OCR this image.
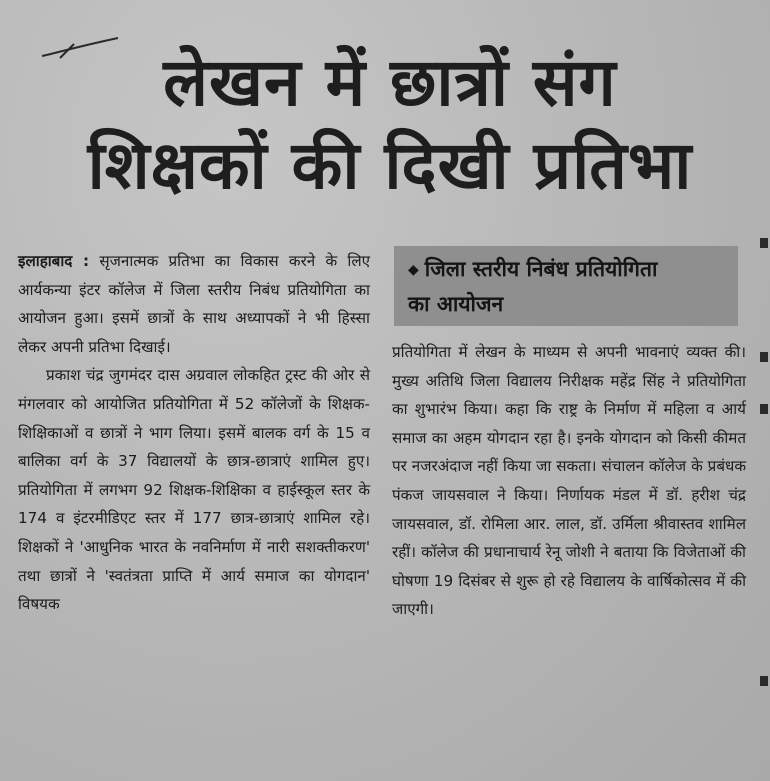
लेखन में छात्रों संग
शिक्षकों की दिखी प्रतिभा

इलाहाबाद : सृजनात्मक प्रतिभा का विकास करने के लिए आर्यकन्या इंटर कॉलेज में जिला स्तरीय निबंध प्रतियोगिता का आयोजन हुआ। इसमें छात्रों के साथ अध्यापकों ने भी हिस्सा लेकर अपनी प्रतिभा दिखाई।

प्रकाश चंद्र जुगमंदर दास अग्रवाल लोकहित ट्रस्ट की ओर से मंगलवार को आयोजित प्रतियोगिता में 52 कॉलेजों के शिक्षक-शिक्षिकाओं व छात्रों ने भाग लिया। इसमें बालक वर्ग के 15 व बालिका वर्ग के 37 विद्यालयों के छात्र-छात्राएं शामिल हुए। प्रतियोगिता में लगभग 92 शिक्षक-शिक्षिका व हाईस्कूल स्तर के 174 व इंटरमीडिएट स्तर में 177 छात्र-छात्राएं शामिल रहे। शिक्षकों ने 'आधुनिक भारत के नवनिर्माण में नारी सशक्तीकरण' तथा छात्रों ने 'स्वतंत्रता प्राप्ति में आर्य समाज का योगदान' विषयक

◆ जिला स्तरीय निबंध प्रतियोगिता
का आयोजन

प्रतियोगिता में लेखन के माध्यम से अपनी भावनाएं व्यक्त की। मुख्य अतिथि जिला विद्यालय निरीक्षक महेंद्र सिंह ने प्रतियोगिता का शुभारंभ किया। कहा कि राष्ट्र के निर्माण में महिला व आर्य समाज का अहम योगदान रहा है। इनके योगदान को किसी कीमत पर नजरअंदाज नहीं किया जा सकता। संचालन कॉलेज के प्रबंधक पंकज जायसवाल ने किया। निर्णायक मंडल में डॉ. हरीश चंद्र जायसवाल, डॉ. रोमिला आर. लाल, डॉ. उर्मिला श्रीवास्तव शामिल रहीं। कॉलेज की प्रधानाचार्य रेनू जोशी ने बताया कि विजेताओं की घोषणा 19 दिसंबर से शुरू हो रहे विद्यालय के वार्षिकोत्सव में की जाएगी।
